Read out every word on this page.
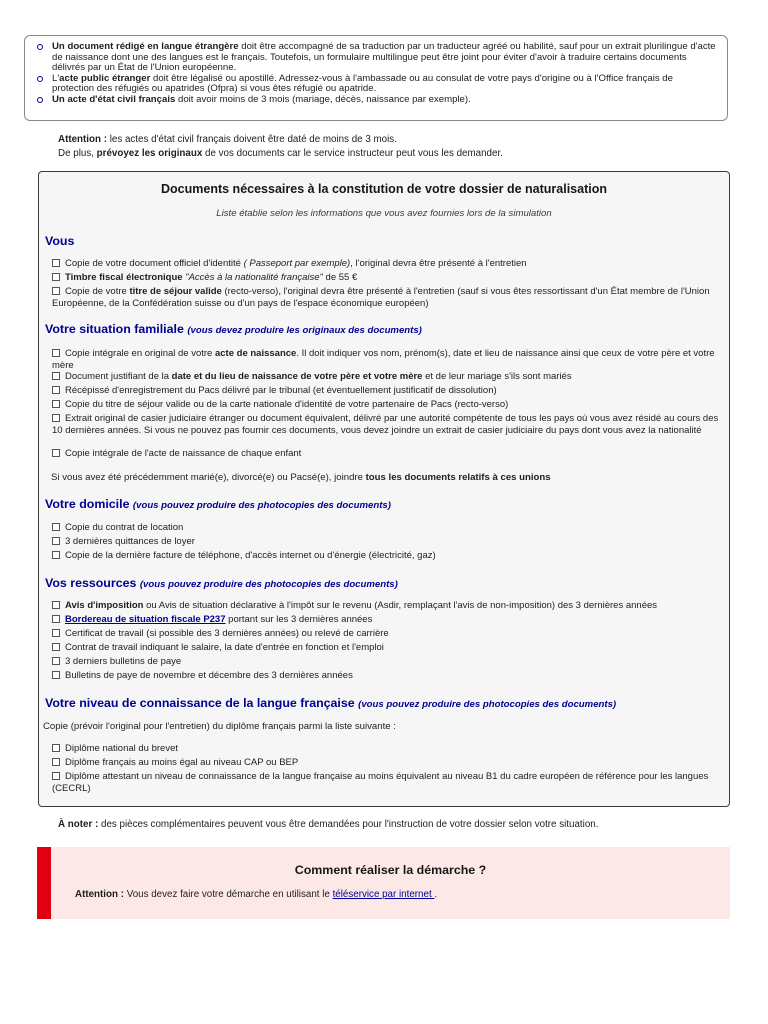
Un document rédigé en langue étrangère doit être accompagné de sa traduction par un traducteur agréé ou habilité, sauf pour un extrait plurilingue d'acte de naissance dont une des langues est le français. Toutefois, un formulaire multilingue peut être joint pour éviter d'avoir à traduire certains documents délivrés par un État de l'Union européenne.
L'acte public étranger doit être légalisé ou apostillé. Adressez-vous à l'ambassade ou au consulat de votre pays d'origine ou à l'Office français de protection des réfugiés ou apatrides (Ofpra) si vous êtes réfugié ou apatride.
Un acte d'état civil français doit avoir moins de 3 mois (mariage, décès, naissance par exemple).
Attention : les actes d'état civil français doivent être daté de moins de 3 mois.
De plus, prévoyez les originaux de vos documents car le service instructeur peut vous les demander.
Documents nécessaires à la constitution de votre dossier de naturalisation
Liste établie selon les informations que vous avez fournies lors de la simulation
Vous
Copie de votre document officiel d'identité ( Passeport par exemple), l'original devra être présenté à l'entretien
Timbre fiscal électronique "Accès à la nationalité française" de 55 €
Copie de votre titre de séjour valide (recto-verso), l'original devra être présenté à l'entretien (sauf si vous êtes ressortissant d'un État membre de l'Union Européenne, de la Confédération suisse ou d'un pays de l'espace économique européen)
Votre situation familiale (vous devez produire les originaux des documents)
Copie intégrale en original de votre acte de naissance. Il doit indiquer vos nom, prénom(s), date et lieu de naissance ainsi que ceux de votre père et votre mère
Document justifiant de la date et du lieu de naissance de votre père et votre mère et de leur mariage s'ils sont mariés
Récépissé d'enregistrement du Pacs délivré par le tribunal (et éventuellement justificatif de dissolution)
Copie du titre de séjour valide ou de la carte nationale d'identité de votre partenaire de Pacs (recto-verso)
Extrait original de casier judiciaire étranger ou document équivalent, délivré par une autorité compétente de tous les pays où vous avez résidé au cours des 10 dernières années. Si vous ne pouvez pas fournir ces documents, vous devez joindre un extrait de casier judiciaire du pays dont vous avez la nationalité
Copie intégrale de l'acte de naissance de chaque enfant
Si vous avez été précédemment marié(e), divorcé(e) ou Pacsé(e), joindre tous les documents relatifs à ces unions
Votre domicile (vous pouvez produire des photocopies des documents)
Copie du contrat de location
3 dernières quittances de loyer
Copie de la dernière facture de téléphone, d'accès internet ou d'énergie (électricité, gaz)
Vos ressources (vous pouvez produire des photocopies des documents)
Avis d'imposition ou Avis de situation déclarative à l'impôt sur le revenu (Asdir, remplaçant l'avis de non-imposition) des 3 dernières années
Bordereau de situation fiscale P237 portant sur les 3 dernières années
Certificat de travail (si possible des 3 dernières années) ou relevé de carrière
Contrat de travail indiquant le salaire, la date d'entrée en fonction et l'emploi
3 derniers bulletins de paye
Bulletins de paye de novembre et décembre des 3 dernières années
Votre niveau de connaissance de la langue française (vous pouvez produire des photocopies des documents)
Copie (prévoir l'original pour l'entretien) du diplôme français parmi la liste suivante :
Diplôme national du brevet
Diplôme français au moins égal au niveau CAP ou BEP
Diplôme attestant un niveau de connaissance de la langue française au moins équivalent au niveau B1 du cadre européen de référence pour les langues (CECRL)
À noter : des pièces complémentaires peuvent vous être demandées pour l'instruction de votre dossier selon votre situation.
Comment réaliser la démarche ?
Attention : Vous devez faire votre démarche en utilisant le téléservice par internet .
